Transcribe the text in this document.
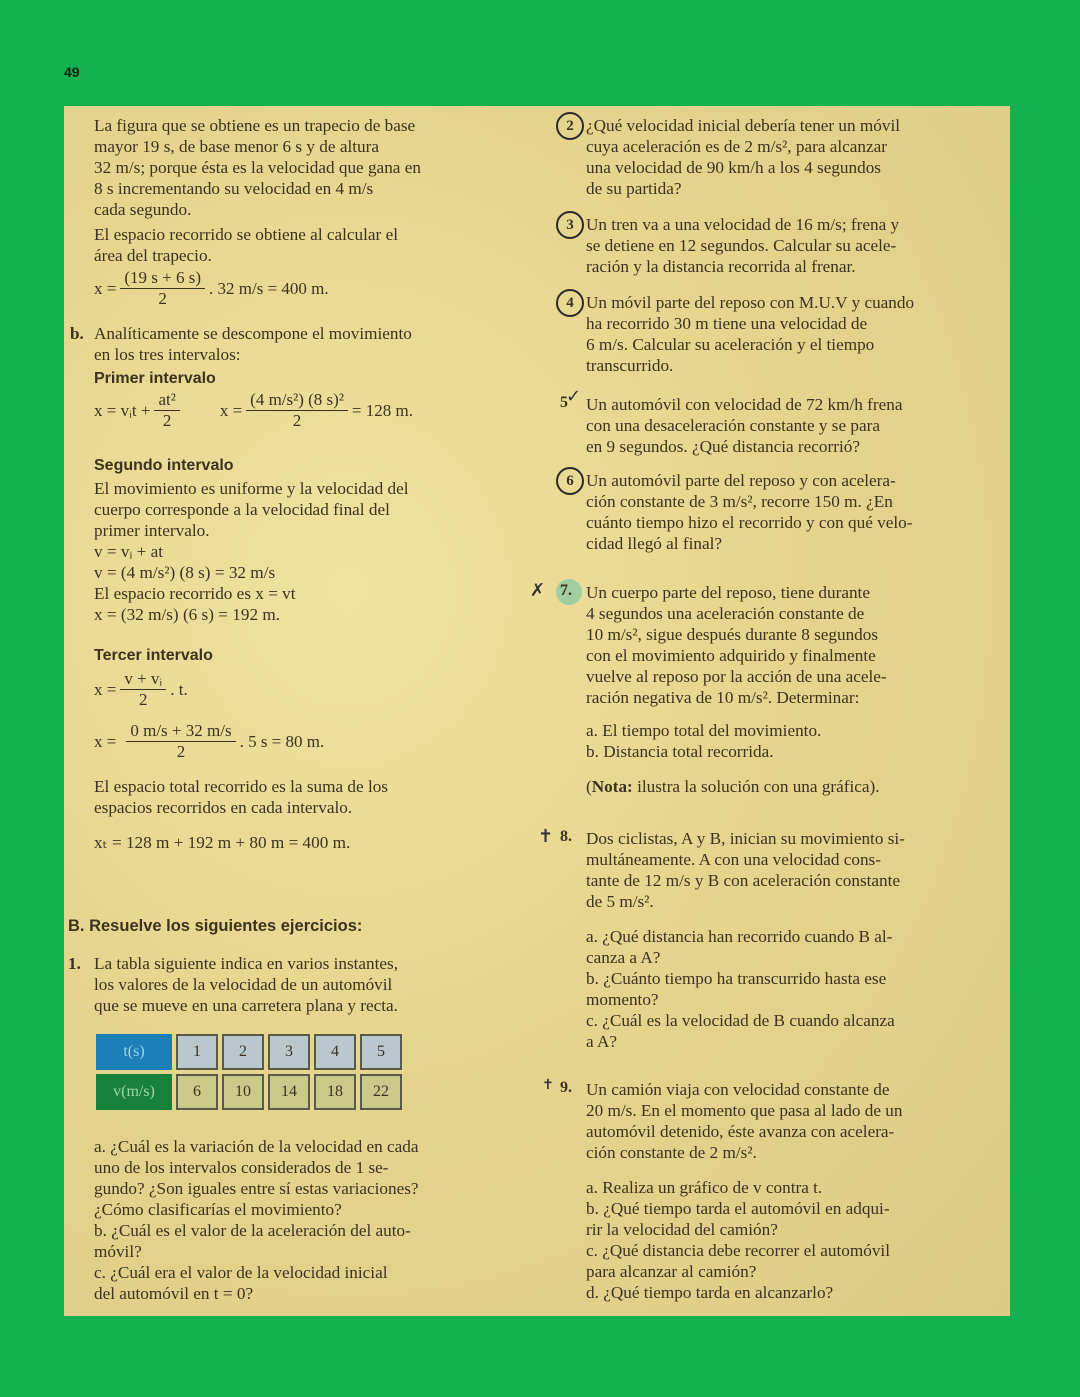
49

La figura que se obtiene es un trapecio de base

mayor 19 s, de base menor 6 s y de altura

32 m/s; porque ésta es la velocidad que gana en

8 s incrementando su velocidad en 4 m/s

cada segundo.

El espacio recorrido se obtiene al calcular el

área del trapecio.

$x = \frac{(19 s + 6 s)}{2}$ . 32 m/s = 400 m.

b. Analíticamente se descompone el movimiento

en los tres intervalos:

Primer intervalo
x = vᵢt + $\frac{\text{at²}}{2}$ $x = \frac{\text{(4 m/s²) (8 s)²}}{2} = 128$ m.
Segundo intervalo

El movimiento es uniforme y la velocidad del

cuerpo corresponde a la velocidad final del

primer intervalo.

v = vᵢ + at

v = (4 m/s²) (8 s) = 32 m/s

El espacio recorrido es x = vt

x = (32 m/s) (6 s) = 192 m.

Tercer intervalo
$x = \frac{\text{v + vᵢ}}{2}$ . t.
$x = \frac{0 m/s + 32 m/s}{2}$ . 5 s = 80 m.

El espacio total recorrido es la suma de los

espacios recorridos en cada intervalo.

xₜ = 128 m + 192 m + 80 m = 400 m.

B. Resuelve los siguientes ejercicios:

1. La tabla siguiente indica en varios instantes,

los valores de la velocidad de un automóvil

que se mueve en una carretera plana y recta.

t(s)	1	2	3	4	5
v(m/s)	6	10	14	18	22

a. ¿Cuál es la variación de la velocidad en cada

uno de los intervalos considerados de 1 se-

gundo? ¿Son iguales entre sí estas variaciones?

¿Cómo clasificarías el movimiento?

b. ¿Cuál es el valor de la aceleración del auto-

móvil?

c. ¿Cuál era el valor de la velocidad inicial

del automóvil en t = 0?

2 ¿Qué velocidad inicial debería tener un móvil

cuya aceleración es de 2 m/s², para alcanzar

una velocidad de 90 km/h a los 4 segundos

de su partida?

3 Un tren va a una velocidad de 16 m/s; frena y

se detiene en 12 segundos. Calcular su acele-

ración y la distancia recorrida al frenar.

4 Un móvil parte del reposo con M.U.V y cuando

ha recorrido 30 m tiene una velocidad de

6 m/s. Calcular su aceleración y el tiempo

transcurrido.

5
✓ Un automóvil con velocidad de 72 km/h frena

con una desaceleración constante y se para

en 9 segundos. ¿Qué distancia recorrió?

6 Un automóvil parte del reposo y con acelera-

ción constante de 3 m/s², recorre 150 m. ¿En

cuánto tiempo hizo el recorrido y con qué velo-

cidad llegó al final?

✗ 7. Un cuerpo parte del reposo, tiene durante

4 segundos una aceleración constante de

10 m/s², sigue después durante 8 segundos

con el movimiento adquirido y finalmente

vuelve al reposo por la acción de una acele-

ración negativa de 10 m/s². Determinar:

a. El tiempo total del movimiento.

b. Distancia total recorrida.

(Nota: ilustra la solución con una gráfica).

✝ 8. Dos ciclistas, A y B, inician su movimiento si-

multáneamente. A con una velocidad cons-

tante de 12 m/s y B con aceleración constante

de 5 m/s².

a. ¿Qué distancia han recorrido cuando B al-

canza a A?

b. ¿Cuánto tiempo ha transcurrido hasta ese

momento?

c. ¿Cuál es la velocidad de B cuando alcanza

a A?

✝ 9. Un camión viaja con velocidad constante de

20 m/s. En el momento que pasa al lado de un

automóvil detenido, éste avanza con acelera-

ción constante de 2 m/s².

a. Realiza un gráfico de v contra t.

b. ¿Qué tiempo tarda el automóvil en adqui-

rir la velocidad del camión?

c. ¿Qué distancia debe recorrer el automóvil

para alcanzar al camión?

d. ¿Qué tiempo tarda en alcanzarlo?
